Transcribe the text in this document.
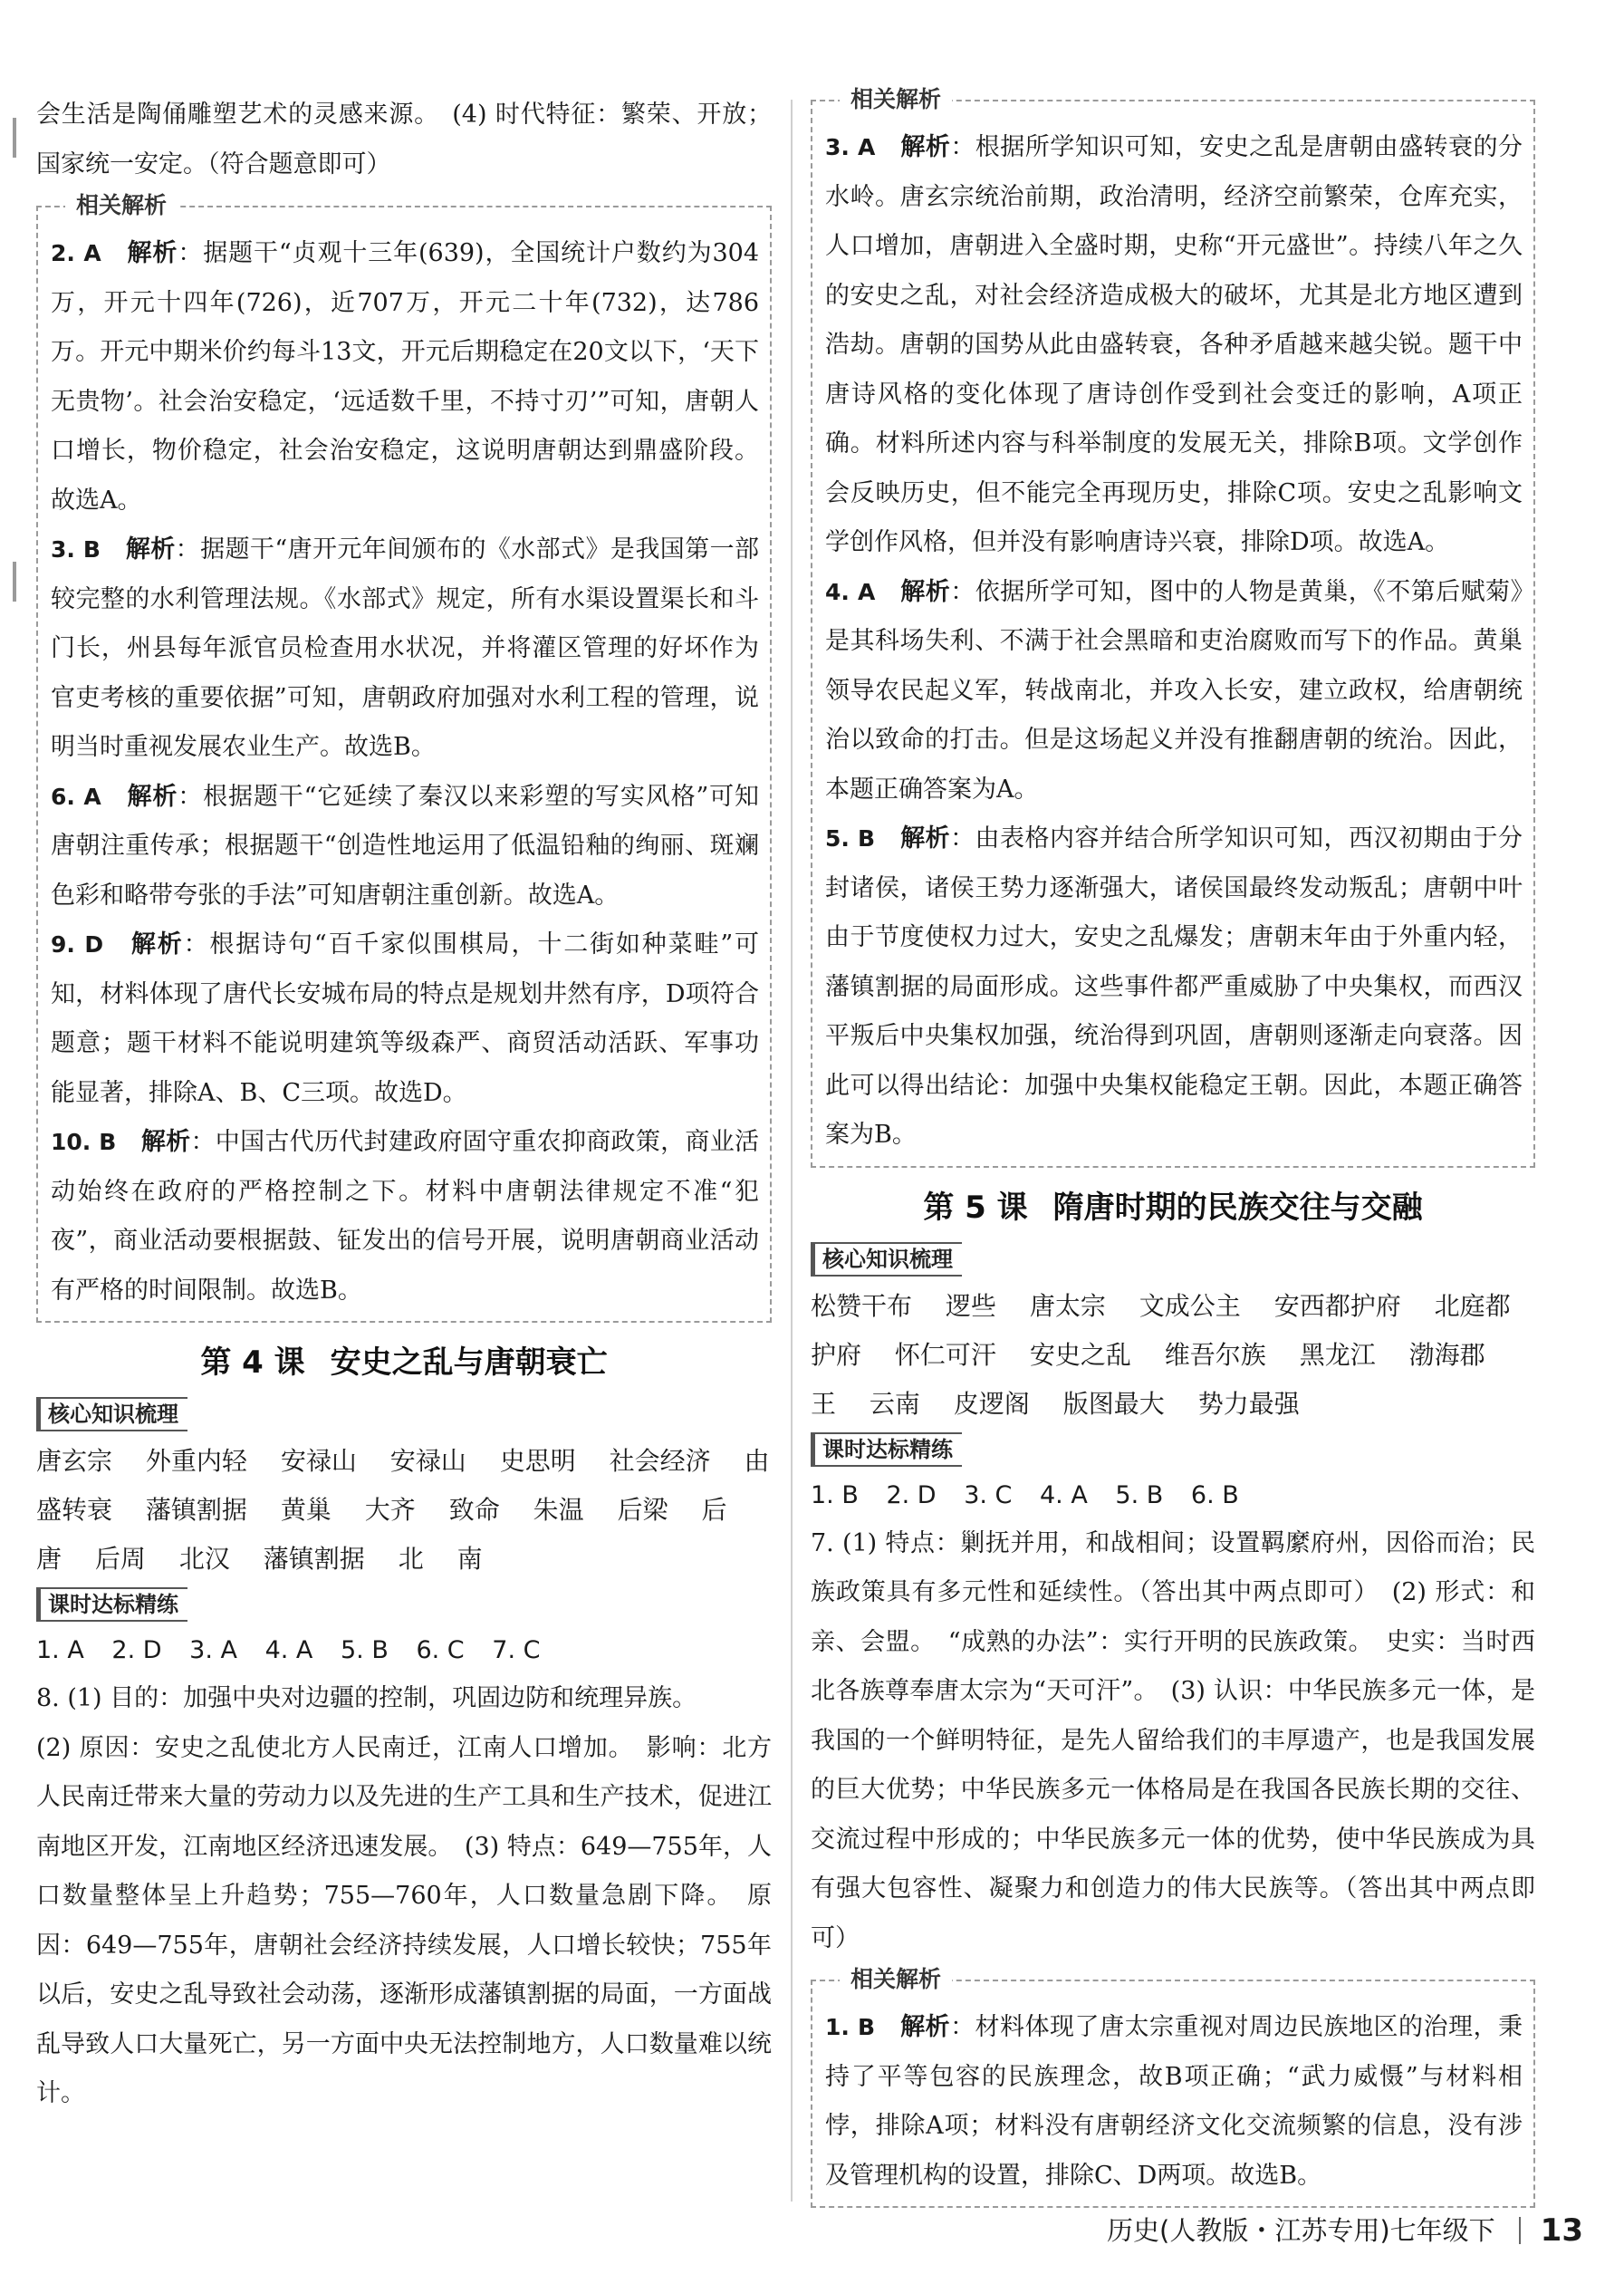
会生活是陶俑雕塑艺术的灵感来源。　(4) 时代特征：繁荣、开放；国家统一安定。（符合题意即可）

相关解析

2. A　 解析：据题干“贞观十三年(639)，全国统计户数约为304万，开元十四年(726)，近707万，开元二十年(732)，达786万。开元中期米价约每斗13文，开元后期稳定在20文以下，‘天下无贵物’。社会治安稳定，‘远适数千里，不持寸刃’”可知，唐朝人口增长，物价稳定，社会治安稳定，这说明唐朝达到鼎盛阶段。故选A。

3. B　 解析：据题干“唐开元年间颁布的《水部式》是我国第一部较完整的水利管理法规。《水部式》规定，所有水渠设置渠长和斗门长，州县每年派官员检查用水状况，并将灌区管理的好坏作为官吏考核的重要依据”可知，唐朝政府加强对水利工程的管理，说明当时重视发展农业生产。故选B。

6. A　 解析：根据题干“它延续了秦汉以来彩塑的写实风格”可知唐朝注重传承；根据题干“创造性地运用了低温铅釉的绚丽、斑斓色彩和略带夸张的手法”可知唐朝注重创新。故选A。

9. D　 解析：根据诗句“百千家似围棋局，十二街如种菜畦”可知，材料体现了唐代长安城布局的特点是规划井然有序，D项符合题意；题干材料不能说明建筑等级森严、商贸活动活跃、军事功能显著，排除A、B、C三项。故选D。

10. B　 解析：中国古代历代封建政府固守重农抑商政策，商业活动始终在政府的严格控制之下。材料中唐朝法律规定不准“犯夜”，商业活动要根据鼓、钲发出的信号开展，说明唐朝商业活动有严格的时间限制。故选B。

第 4 课 安史之乱与唐朝衰亡
核心知识梳理

唐玄宗 外重内轻 安禄山 安禄山 史思明 社会经济 由盛转衰 藩镇割据 黄巢 大齐 致命 朱温 后梁 后唐 后周 北汉 藩镇割据 北 南

课时达标精练

1. A 2. D 3. A 4. A 5. B 6. C 7. C

8. (1) 目的：加强中央对边疆的控制，巩固边防和统理异族。

(2) 原因：安史之乱使北方人民南迁，江南人口增加。　影响：北方人民南迁带来大量的劳动力以及先进的生产工具和生产技术，促进江南地区开发，江南地区经济迅速发展。　(3) 特点：649—755年，人口数量整体呈上升趋势；755—760年，人口数量急剧下降。　原因：649—755年，唐朝社会经济持续发展，人口增长较快；755年以后，安史之乱导致社会动荡，逐渐形成藩镇割据的局面，一方面战乱导致人口大量死亡，另一方面中央无法控制地方，人口数量难以统计。

相关解析

3. A　 解析：根据所学知识可知，安史之乱是唐朝由盛转衰的分水岭。唐玄宗统治前期，政治清明，经济空前繁荣，仓库充实，人口增加，唐朝进入全盛时期，史称“开元盛世”。持续八年之久的安史之乱，对社会经济造成极大的破坏，尤其是北方地区遭到浩劫。唐朝的国势从此由盛转衰，各种矛盾越来越尖锐。题干中唐诗风格的变化体现了唐诗创作受到社会变迁的影响，A项正确。材料所述内容与科举制度的发展无关，排除B项。文学创作会反映历史，但不能完全再现历史，排除C项。安史之乱影响文学创作风格，但并没有影响唐诗兴衰，排除D项。故选A。

4. A　 解析：依据所学可知，图中的人物是黄巢，《不第后赋菊》是其科场失利、不满于社会黑暗和吏治腐败而写下的作品。黄巢领导农民起义军，转战南北，并攻入长安，建立政权，给唐朝统治以致命的打击。但是这场起义并没有推翻唐朝的统治。因此，本题正确答案为A。

5. B　 解析：由表格内容并结合所学知识可知，西汉初期由于分封诸侯，诸侯王势力逐渐强大，诸侯国最终发动叛乱；唐朝中叶由于节度使权力过大，安史之乱爆发；唐朝末年由于外重内轻，藩镇割据的局面形成。这些事件都严重威胁了中央集权，而西汉平叛后中央集权加强，统治得到巩固，唐朝则逐渐走向衰落。因此可以得出结论：加强中央集权能稳定王朝。因此，本题正确答案为B。

第 5 课 隋唐时期的民族交往与交融
核心知识梳理

松赞干布 逻些 唐太宗 文成公主 安西都护府 北庭都护府 怀仁可汗 安史之乱 维吾尔族 黑龙江 渤海郡王 云南 皮逻阁 版图最大 势力最强

课时达标精练

1. B 2. D 3. C 4. A 5. B 6. B

7. (1) 特点：剿抚并用，和战相间；设置羁縻府州，因俗而治；民族政策具有多元性和延续性。（答出其中两点即可）　(2) 形式：和亲、会盟。　“成熟的办法”：实行开明的民族政策。　史实：当时西北各族尊奉唐太宗为“天可汗”。　(3) 认识：中华民族多元一体，是我国的一个鲜明特征，是先人留给我们的丰厚遗产，也是我国发展的巨大优势；中华民族多元一体格局是在我国各民族长期的交往、交流过程中形成的；中华民族多元一体的优势，使中华民族成为具有强大包容性、凝聚力和创造力的伟大民族等。（答出其中两点即可）

相关解析

1. B　 解析：材料体现了唐太宗重视对周边民族地区的治理，秉持了平等包容的民族理念，故B项正确；“武力威慑”与材料相悖，排除A项；材料没有唐朝经济文化交流频繁的信息，没有涉及管理机构的设置，排除C、D两项。故选B。

历史(人教版・江苏专用)七年级下 13
